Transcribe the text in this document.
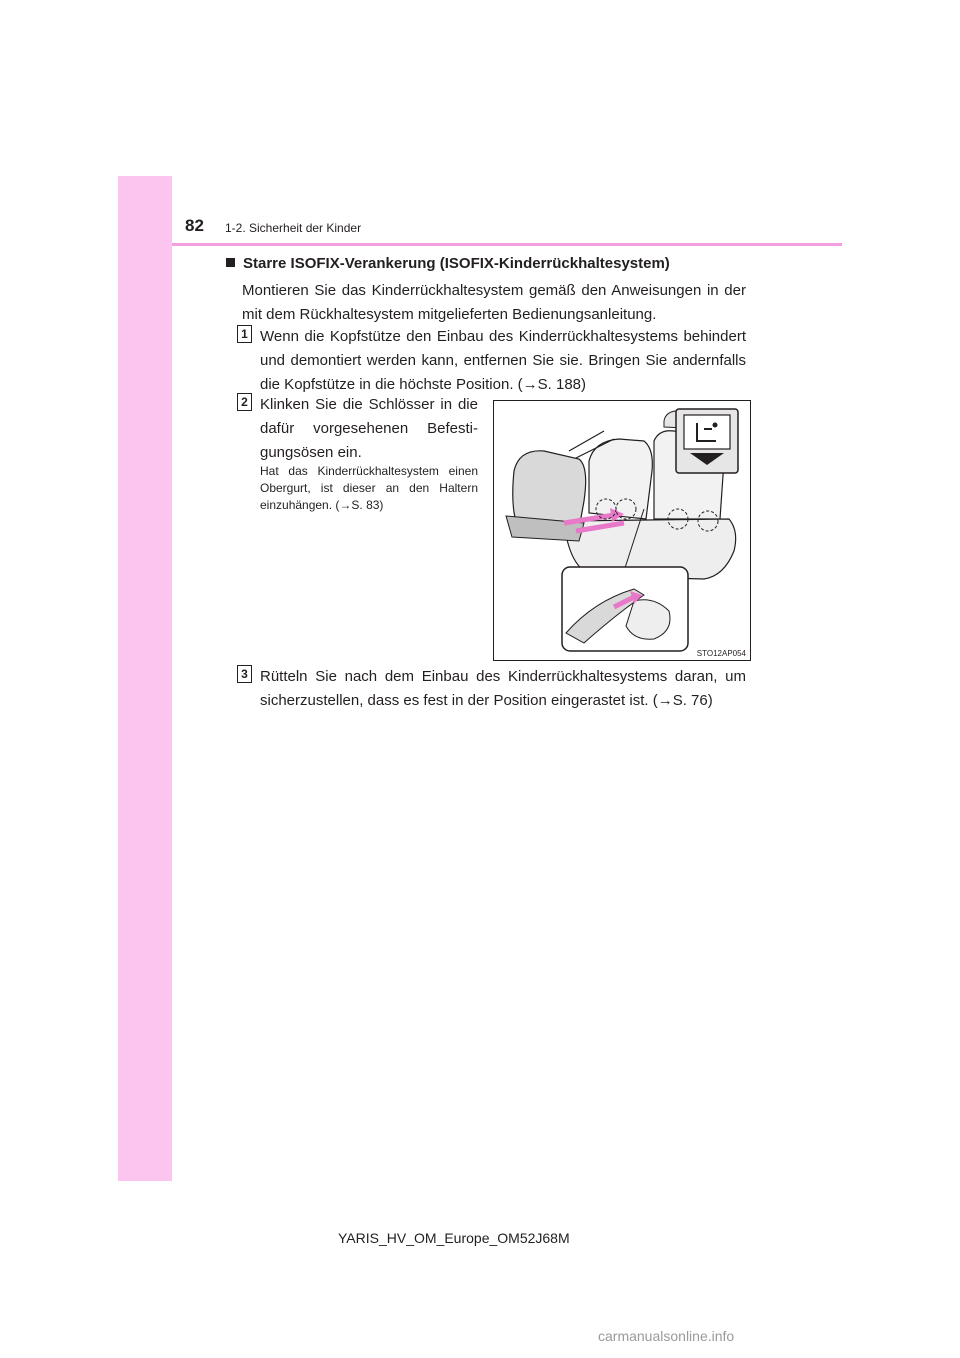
82 1-2. Sicherheit der Kinder
Starre ISOFIX-Verankerung (ISOFIX-Kinderrückhaltesystem)
Montieren Sie das Kinderrückhaltesystem gemäß den Anweisungen in der mit dem Rückhaltesystem mitgelieferten Bedienungsanleitung.
1 Wenn die Kopfstütze den Einbau des Kinderrückhaltesystems behindert und demontiert werden kann, entfernen Sie sie. Bringen Sie andernfalls die Kopfstütze in die höchste Position. (→S. 188)
2 Klinken Sie die Schlösser in die dafür vorgesehenen Befesti-gungsösen ein.
Hat das Kinderrückhaltesystem einen Obergurt, ist dieser an den Haltern einzuhängen. (→S. 83)
STO12AP054
3 Rütteln Sie nach dem Einbau des Kinderrückhaltesystems daran, um sicherzustellen, dass es fest in der Position eingerastet ist. (→S. 76)
YARIS_HV_OM_Europe_OM52J68M
carmanualsonline.info
